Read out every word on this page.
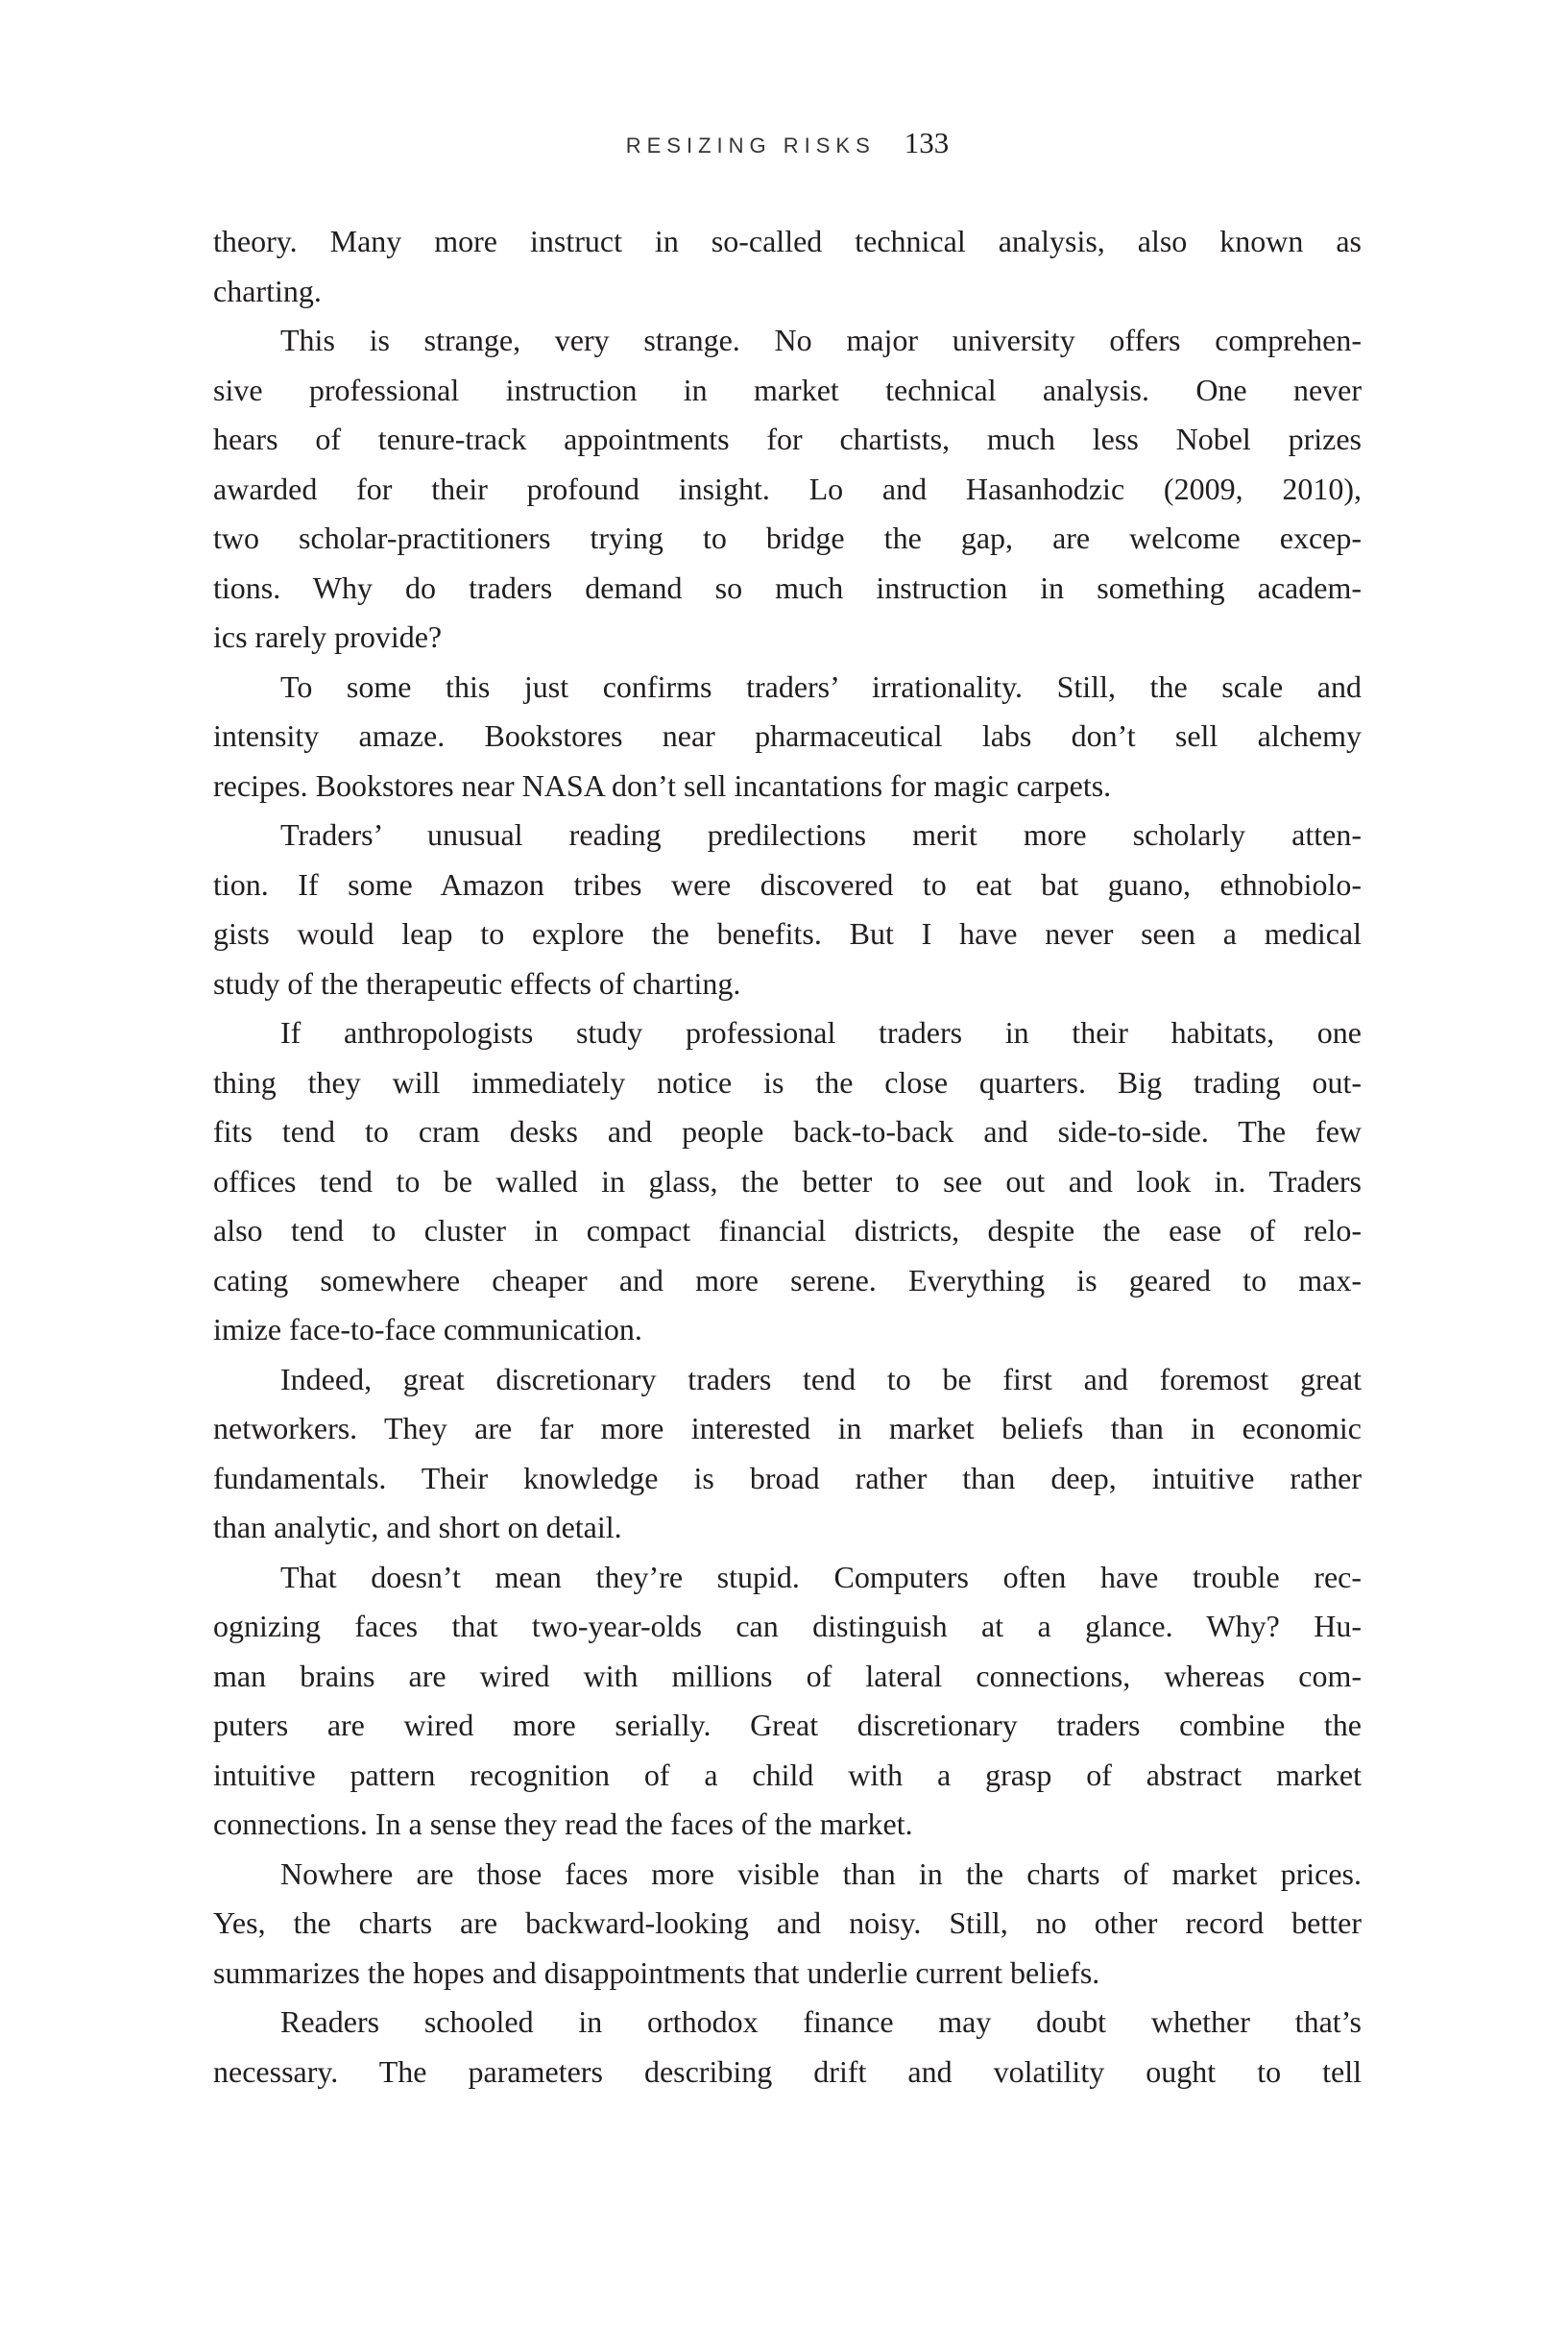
RESIZING RISKS 133
theory. Many more instruct in so-called technical analysis, also known as
charting.
This is strange, very strange. No major university offers comprehen-
sive professional instruction in market technical analysis. One never
hears of tenure-track appointments for chartists, much less Nobel prizes
awarded for their profound insight. Lo and Hasanhodzic (2009, 2010),
two scholar-practitioners trying to bridge the gap, are welcome excep-
tions. Why do traders demand so much instruction in something academ-
ics rarely provide?
To some this just confirms traders’ irrationality. Still, the scale and
intensity amaze. Bookstores near pharmaceutical labs don’t sell alchemy
recipes. Bookstores near NASA don’t sell incantations for magic carpets.
Traders’ unusual reading predilections merit more scholarly atten-
tion. If some Amazon tribes were discovered to eat bat guano, ethnobiolo-
gists would leap to explore the benefits. But I have never seen a medical
study of the therapeutic effects of charting.
If anthropologists study professional traders in their habitats, one
thing they will immediately notice is the close quarters. Big trading out-
fits tend to cram desks and people back-to-back and side-to-side. The few
offices tend to be walled in glass, the better to see out and look in. Traders
also tend to cluster in compact financial districts, despite the ease of relo-
cating somewhere cheaper and more serene. Everything is geared to max-
imize face-to-face communication.
Indeed, great discretionary traders tend to be first and foremost great
networkers. They are far more interested in market beliefs than in economic
fundamentals. Their knowledge is broad rather than deep, intuitive rather
than analytic, and short on detail.
That doesn’t mean they’re stupid. Computers often have trouble rec-
ognizing faces that two-year-olds can distinguish at a glance. Why? Hu-
man brains are wired with millions of lateral connections, whereas com-
puters are wired more serially. Great discretionary traders combine the
intuitive pattern recognition of a child with a grasp of abstract market
connections. In a sense they read the faces of the market.
Nowhere are those faces more visible than in the charts of market prices.
Yes, the charts are backward-looking and noisy. Still, no other record better
summarizes the hopes and disappointments that underlie current beliefs.
Readers schooled in orthodox finance may doubt whether that’s
necessary. The parameters describing drift and volatility ought to tell
